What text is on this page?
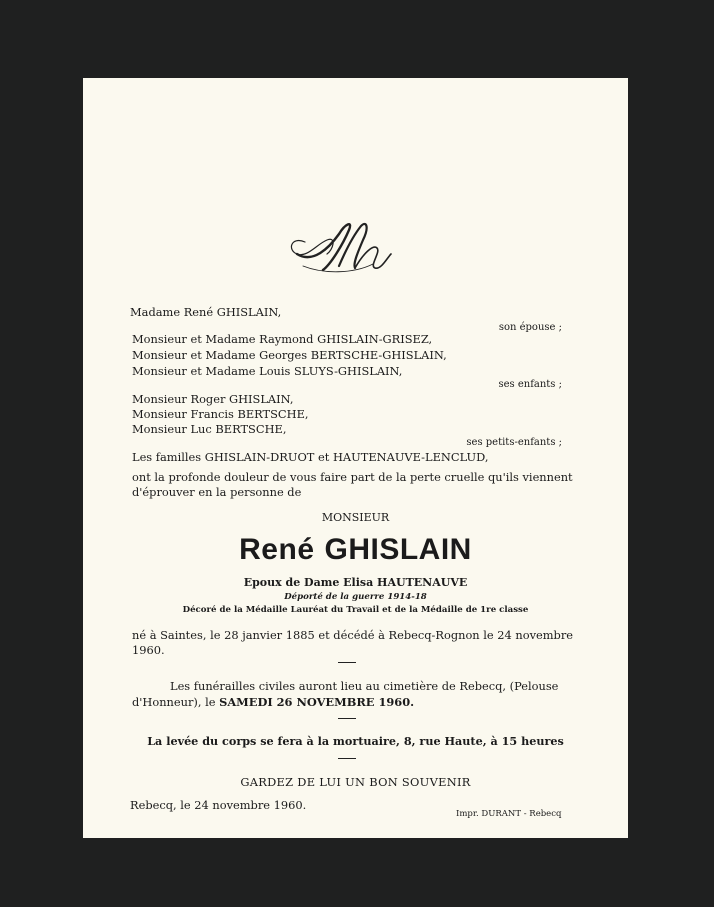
Madame René GHISLAIN,
son épouse ;
Monsieur et Madame Raymond GHISLAIN-GRISEZ,
Monsieur et Madame Georges BERTSCHE-GHISLAIN,
Monsieur et Madame Louis SLUYS-GHISLAIN,
ses enfants ;
Monsieur Roger GHISLAIN,
Monsieur Francis BERTSCHE,
Monsieur Luc BERTSCHE,
ses petits-enfants ;
Les familles GHISLAIN-DRUOT et HAUTENAUVE-LENCLUD,
ont la profonde douleur de vous faire part de la perte cruelle qu'ils viennent
d'éprouver en la personne de
MONSIEUR
René GHISLAIN
Epoux de Dame Elisa HAUTENAUVE
Déporté de la guerre 1914-18
Décoré de la Médaille Lauréat du Travail et de la Médaille de 1re classe
né à Saintes, le 28 janvier 1885 et décédé à Rebecq-Rognon le 24 novembre
1960.
Les funérailles civiles auront lieu au cimetière de Rebecq, (Pelouse
d'Honneur), le SAMEDI 26 NOVEMBRE 1960.
La levée du corps se fera à la mortuaire, 8, rue Haute, à 15 heures
GARDEZ DE LUI UN BON SOUVENIR
Rebecq, le 24 novembre 1960.
Impr. DURANT - Rebecq
